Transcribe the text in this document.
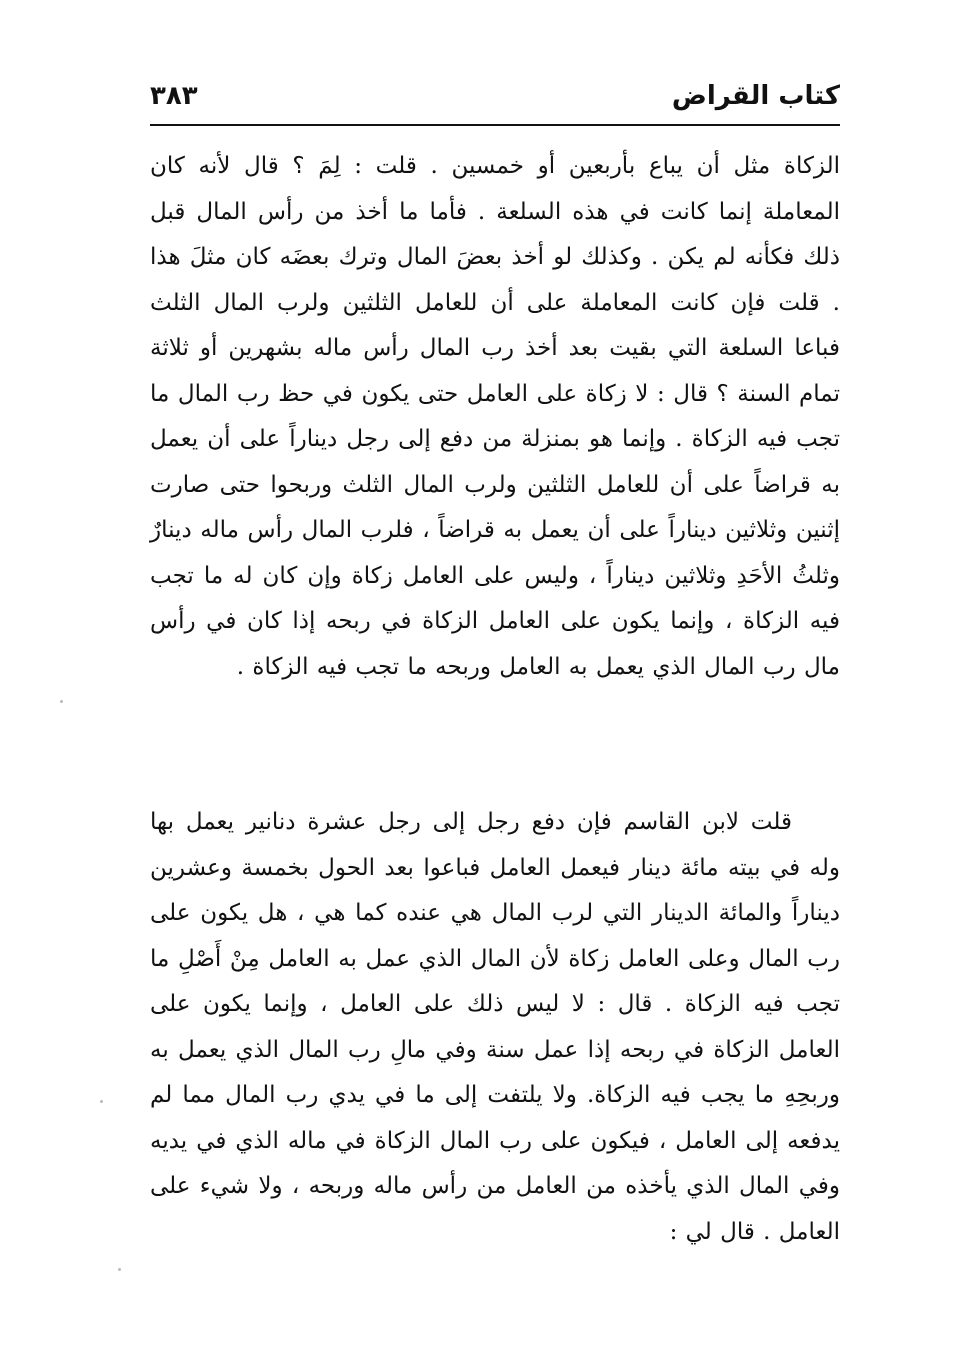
كتاب القراض
٣٨٣
الزكاة مثل أن يباع بأربعين أو خمسين . قلت : لِمَ ؟ قال لأنه كان المعاملة إنما كانت في هذه السلعة . فأما ما أخذ من رأس المال قبل ذلك فكأنه لم يكن . وكذلك لو أخذ بعضَ المال وترك بعضَه كان مثلَ هذا . قلت فإن كانت المعاملة على أن للعامل الثلثين ولرب المال الثلث فباعا السلعة التي بقيت بعد أخذ رب المال رأس ماله بشهرين أو ثلاثة تمام السنة ؟ قال : لا زكاة على العامل حتى يكون في حظ رب المال ما تجب فيه الزكاة . وإنما هو بمنزلة من دفع إلى رجل ديناراً على أن يعمل به قراضاً على أن للعامل الثلثين ولرب المال الثلث وربحوا حتى صارت إثنين وثلاثين ديناراً على أن يعمل به قراضاً ، فلرب المال رأس ماله دينارٌ وثلثُ الأحَدِ وثلاثين ديناراً ، وليس على العامل زكاة وإن كان له ما تجب فيه الزكاة ، وإنما يكون على العامل الزكاة في ربحه إذا كان في رأس مال رب المال الذي يعمل به العامل وربحه ما تجب فيه الزكاة .
قلت لابن القاسم فإن دفع رجل إلى رجل عشرة دنانير يعمل بها وله في بيته مائة دينار فيعمل العامل فباعوا بعد الحول بخمسة وعشرين ديناراً والمائة الدينار التي لرب المال هي عنده كما هي ، هل يكون على رب المال وعلى العامل زكاة لأن المال الذي عمل به العامل مِنْ أَصْلِ ما تجب فيه الزكاة . قال : لا ليس ذلك على العامل ، وإنما يكون على العامل الزكاة في ربحه إذا عمل سنة وفي مالِ رب المال الذي يعمل به وربحِهِ ما يجب فيه الزكاة. ولا يلتفت إلى ما في يدي رب المال مما لم يدفعه إلى العامل ، فيكون على رب المال الزكاة في ماله الذي في يديه وفي المال الذي يأخذه من العامل من رأس ماله وربحه ، ولا شيء على العامل . قال لي :
